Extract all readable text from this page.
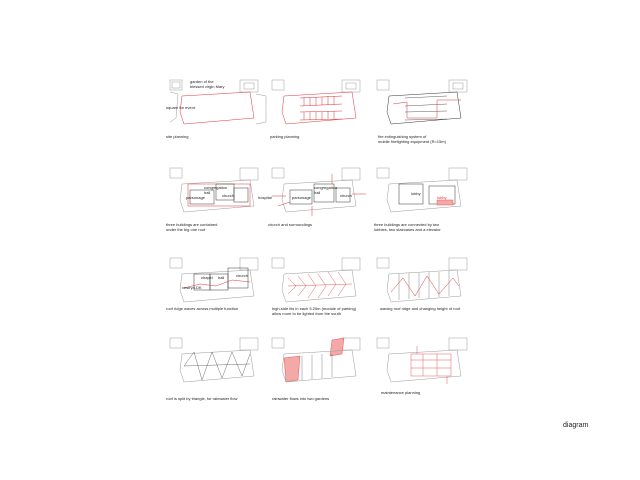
garden of the
blessed virgin Mary
square for event
site planning	parking planning	fire extinguishing system of
mobile firefighting equipment (R=15m)
congregation
hall
parsonage	church
three buildings are contained
under the big one roof
hospital
congregation
hall
parsonage	church
church and surroundings
lobby
lobby
three buildings are connected by two
lobbies, two staircases and a elevator
chapel hall	church
vestry/LDK
roof ridge waves across multiple function	high-side lits in each 5.25m (module of parking)
allow room to be lighted from the south
waving roof ridge and changing height of roof
roof is split by triangle, for rainwater flow	rainwater flows into two gardens
maintenance planning
diagram
